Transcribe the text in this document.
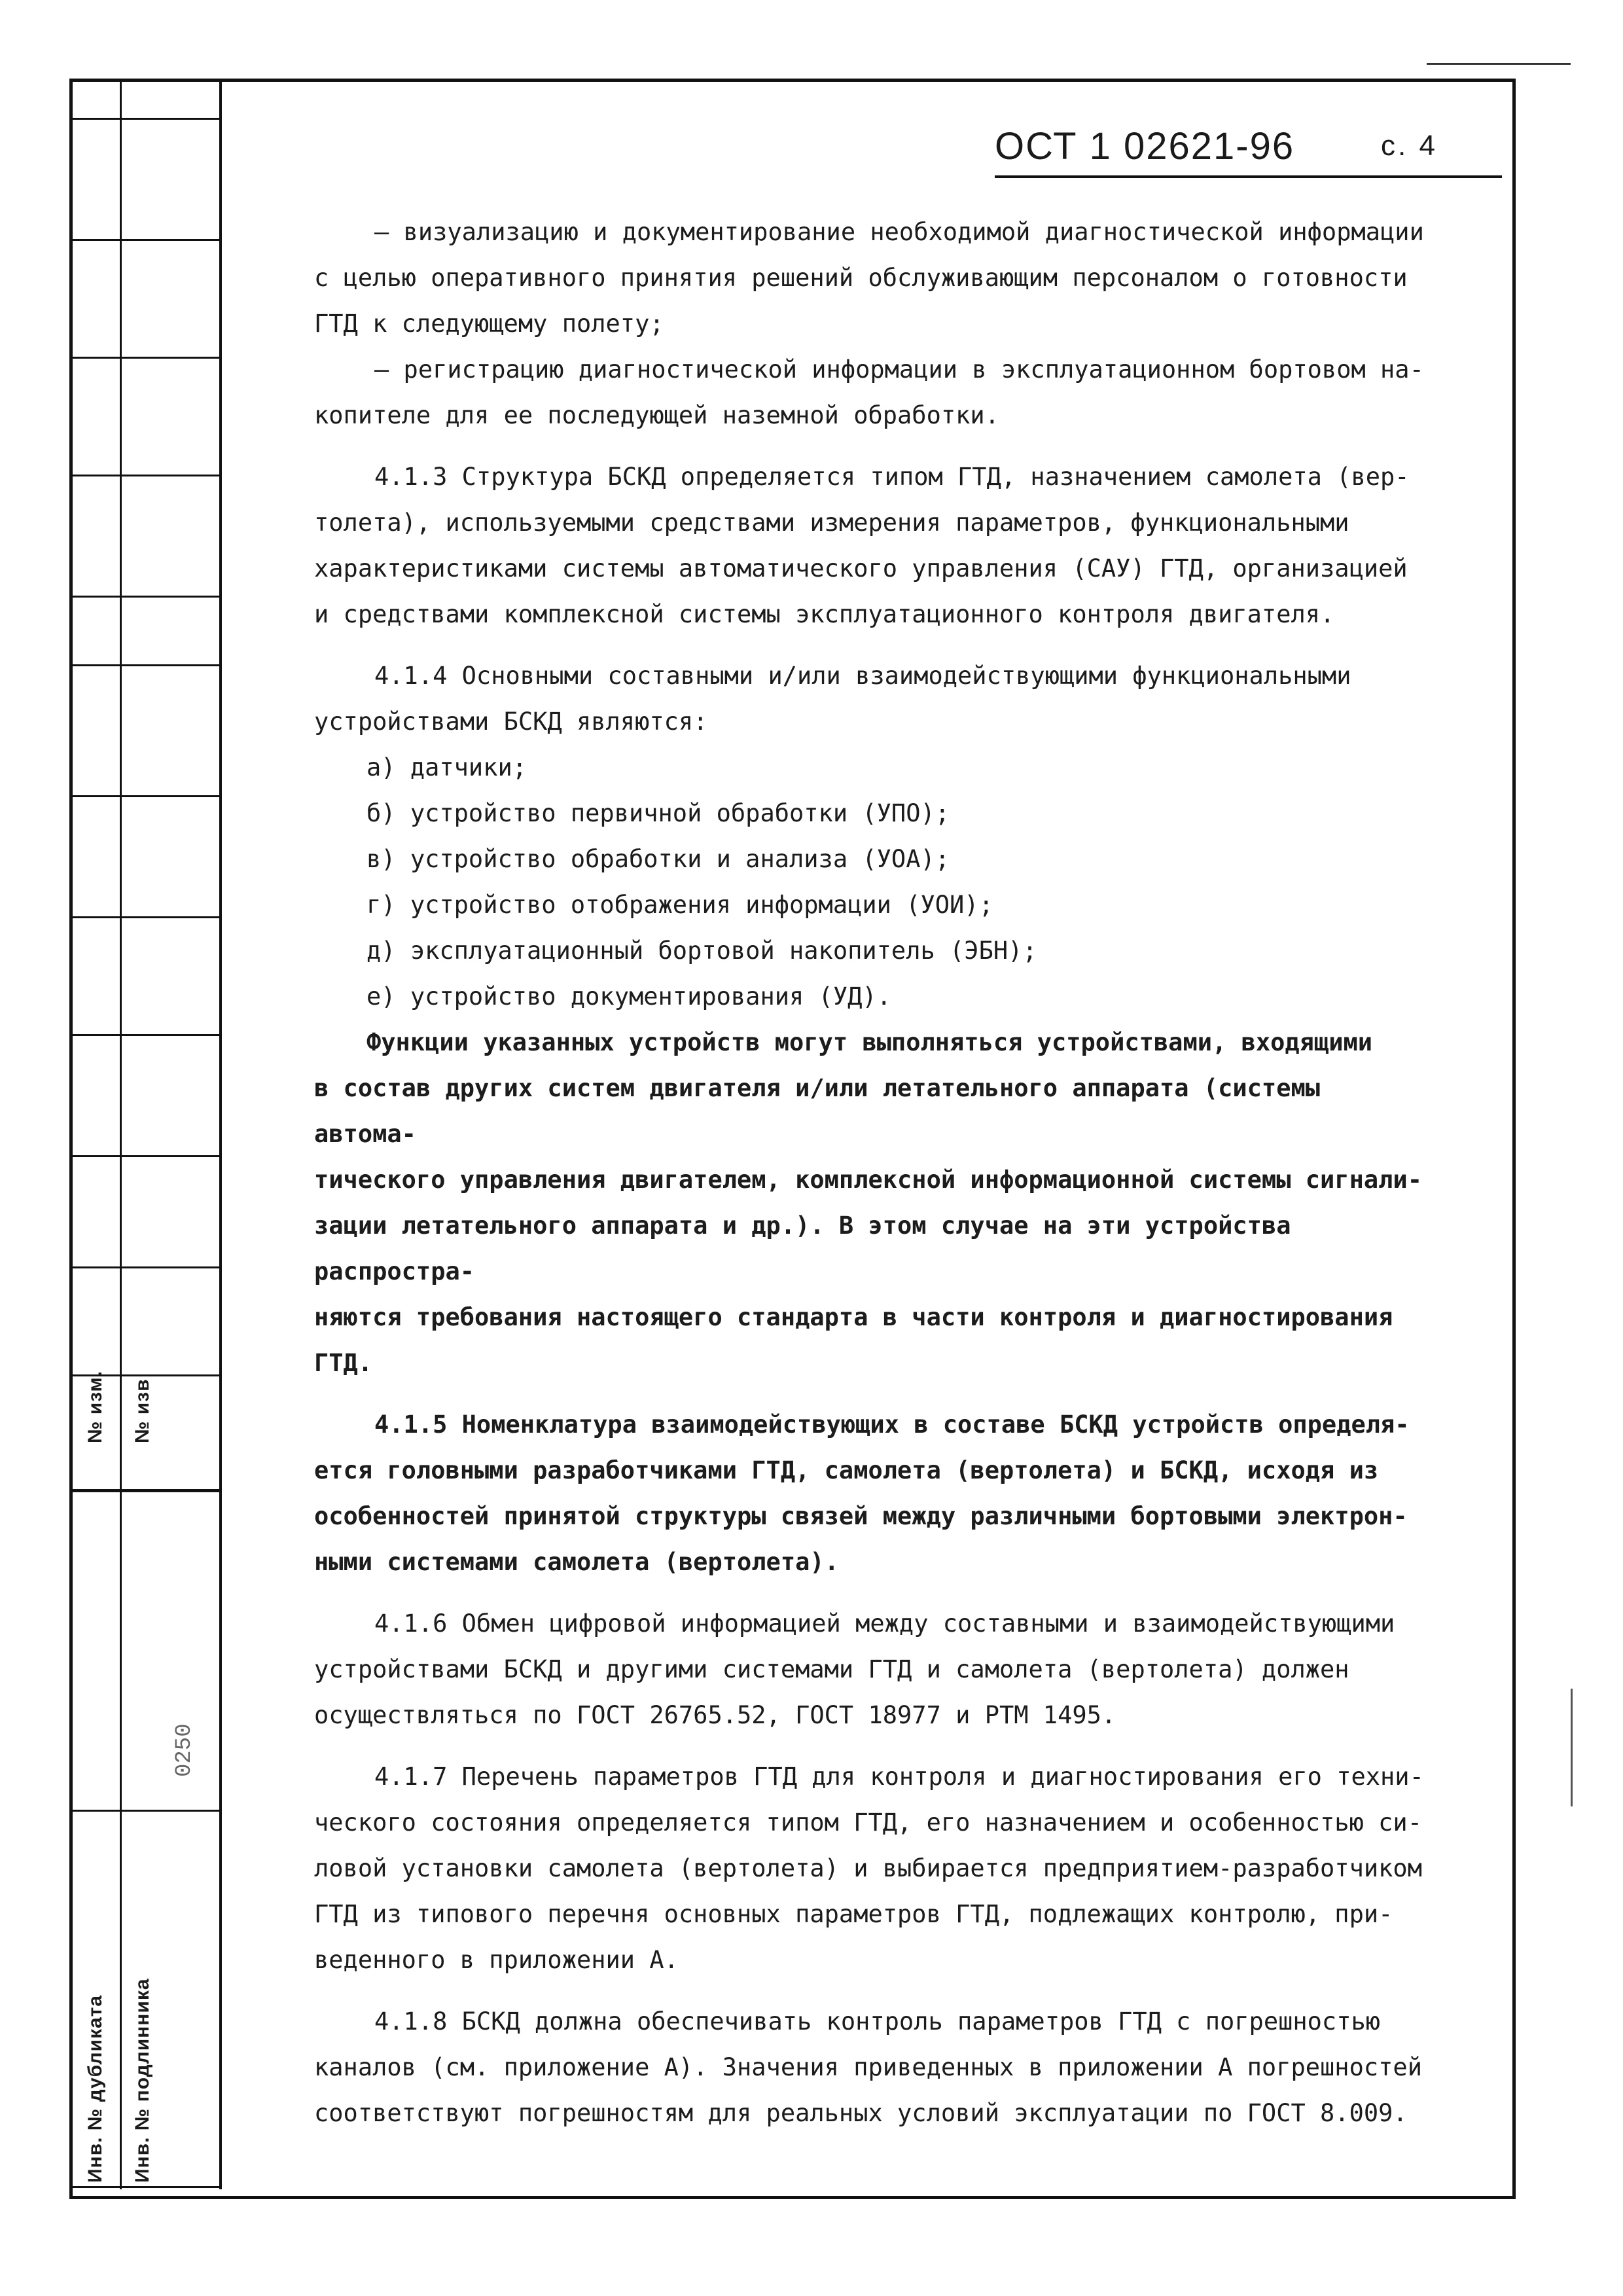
№ изм. № изв
0250
Инв. № дубликата Инв. № подлинника
ОСТ 1 02621-96	с. 4

– визуализацию и документирование необходимой диагностической информации

с целью оперативного принятия решений обслуживающим персоналом о готовности

ГТД к следующему полету;

– регистрацию диагностической информации в эксплуатационном бортовом на-

копителе для ее последующей наземной обработки.

4.1.3 Структура БСКД определяется типом ГТД, назначением самолета (вер-

толета), используемыми средствами измерения параметров, функциональными

характеристиками системы автоматического управления (САУ) ГТД, организацией

и средствами комплексной системы эксплуатационного контроля двигателя.

4.1.4 Основными составными и/или взаимодействующими функциональными

устройствами БСКД являются:

а) датчики;

б) устройство первичной обработки (УПО);

в) устройство обработки и анализа (УОА);

г) устройство отображения информации (УОИ);

д) эксплуатационный бортовой накопитель (ЭБН);

е) устройство документирования (УД).

Функции указанных устройств могут выполняться устройствами, входящими

в состав других систем двигателя и/или летательного аппарата (системы автома-

тического управления двигателем, комплексной информационной системы сигнали-

зации летательного аппарата и др.). В этом случае на эти устройства распростра-

няются требования настоящего стандарта в части контроля и диагностирования

ГТД.

4.1.5 Номенклатура взаимодействующих в составе БСКД устройств определя-

ется головными разработчиками ГТД, самолета (вертолета) и БСКД, исходя из

особенностей принятой структуры связей между различными бортовыми электрон-

ными системами самолета (вертолета).

4.1.6 Обмен цифровой информацией между составными и взаимодействующими

устройствами БСКД и другими системами ГТД и самолета (вертолета) должен

осуществляться по ГОСТ 26765.52, ГОСТ 18977 и РТМ 1495.

4.1.7 Перечень параметров ГТД для контроля и диагностирования его техни-

ческого состояния определяется типом ГТД, его назначением и особенностью си-

ловой установки самолета (вертолета) и выбирается предприятием-разработчиком

ГТД из типового перечня основных параметров ГТД, подлежащих контролю, при-

веденного в приложении А.

4.1.8 БСКД должна обеспечивать контроль параметров ГТД с погрешностью

каналов (см. приложение А). Значения приведенных в приложении А погрешностей

соответствуют погрешностям для реальных условий эксплуатации по ГОСТ 8.009.
